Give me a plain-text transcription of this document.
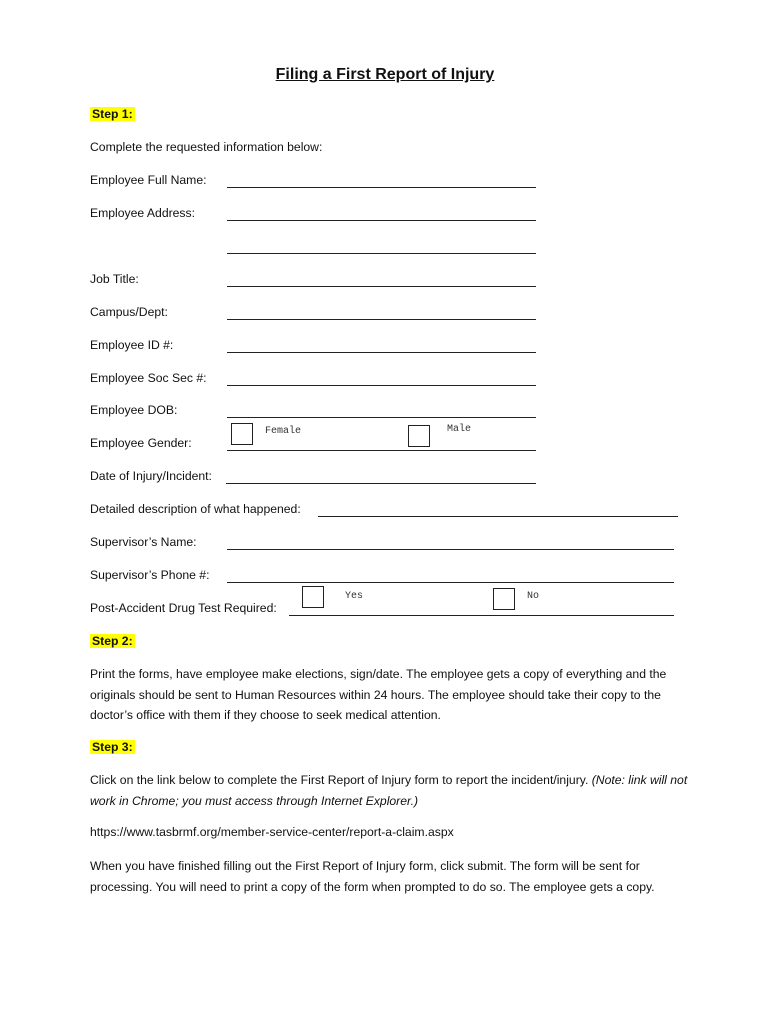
Filing a First Report of Injury
Step 1:
Complete the requested information below:
Employee Full Name:
Employee Address:
Job Title:
Campus/Dept:
Employee ID #:
Employee Soc Sec #:
Employee DOB:
Employee Gender:
Female	Male
Date of Injury/Incident:
Detailed description of what happened:
Supervisor’s Name:
Supervisor’s Phone #:
Post-Accident Drug Test Required:
Yes	No
Step 2:
Print the forms, have employee make elections, sign/date. The employee gets a copy of everything and the originals should be sent to Human Resources within 24 hours. The employee should take their copy to the doctor’s office with them if they choose to seek medical attention.
Step 3:
Click on the link below to complete the First Report of Injury form to report the incident/injury. (Note: link will not work in Chrome; you must access through Internet Explorer.)
https://www.tasbrmf.org/member-service-center/report-a-claim.aspx
When you have finished filling out the First Report of Injury form, click submit. The form will be sent for processing. You will need to print a copy of the form when prompted to do so. The employee gets a copy.
